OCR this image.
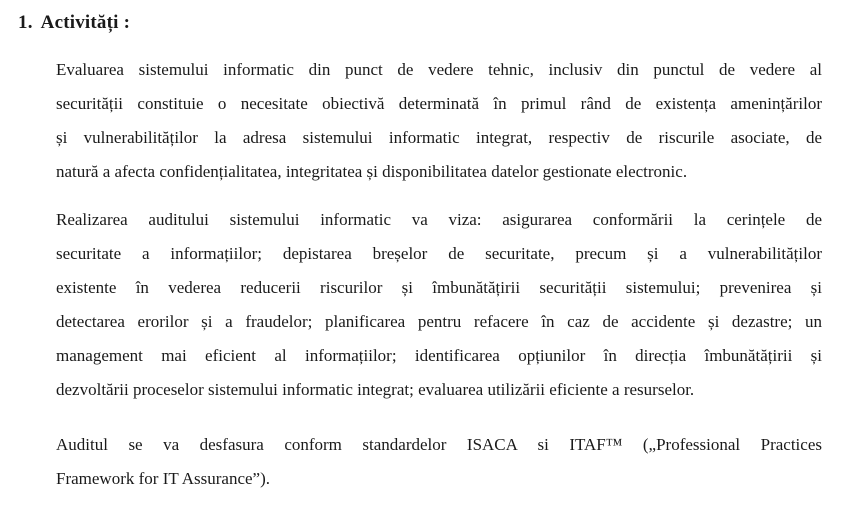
1. Activități :

Evaluarea sistemului informatic din punct de vedere tehnic, inclusiv din punctul de vedere al
securității constituie o necesitate obiectivă determinată în primul rând de existența amenințărilor
și vulnerabilităților la adresa sistemului informatic integrat, respectiv de riscurile asociate, de
natură a afecta confidențialitatea, integritatea și disponibilitatea datelor gestionate electronic.

Realizarea auditului sistemului informatic va viza: asigurarea conformării la cerințele de
securitate a informațiilor; depistarea breșelor de securitate, precum și a vulnerabilităților
existente în vederea reducerii riscurilor și îmbunătățirii securității sistemului; prevenirea și
detectarea erorilor și a fraudelor; planificarea pentru refacere în caz de accidente și dezastre; un
management mai eficient al informațiilor; identificarea opțiunilor în direcția îmbunătățirii și
dezvoltării proceselor sistemului informatic integrat; evaluarea utilizării eficiente a resurselor.

Auditul se va desfasura conform standardelor ISACA si ITAF™ („Professional Practices
Framework for IT Assurance”).
